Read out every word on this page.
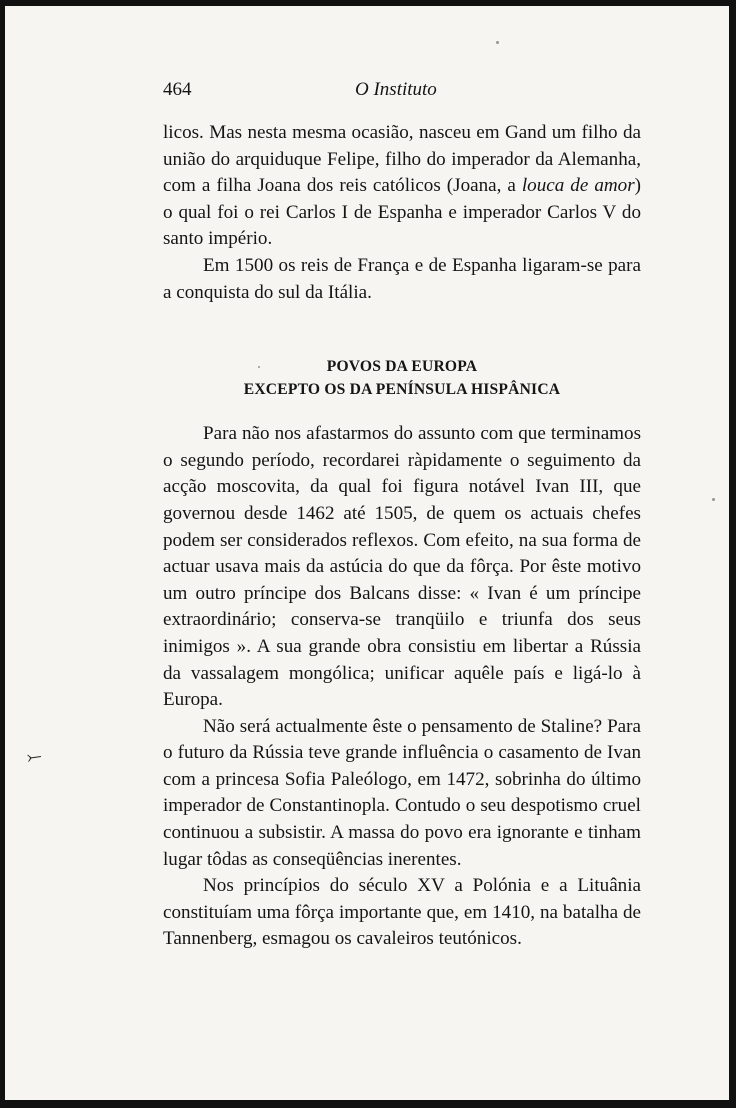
464	O Instituto

licos. Mas nesta mesma ocasião, nasceu em Gand um filho da união do arquiduque Felipe, filho do imperador da Alemanha, com a filha Joana dos reis católicos (Joana, a louca de amor) o qual foi o rei Carlos I de Espanha e imperador Carlos V do santo império.

Em 1500 os reis de França e de Espanha ligaram-se para a conquista do sul da Itália.

POVOS DA EUROPA
EXCEPTO OS DA PENÍNSULA HISPÂNICA

Para não nos afastarmos do assunto com que terminamos o segundo período, recordarei ràpidamente o seguimento da acção moscovita, da qual foi figura notável Ivan III, que governou desde 1462 até 1505, de quem os actuais chefes podem ser considerados reflexos. Com efeito, na sua forma de actuar usava mais da astúcia do que da fôrça. Por êste motivo um outro príncipe dos Balcans disse: « Ivan é um príncipe extraordinário; conserva-se tranqüilo e triunfa dos seus inimigos ». A sua grande obra consistiu em libertar a Rússia da vassalagem mongólica; unificar aquêle país e ligá-lo à Europa.

Não será actualmente êste o pensamento de Staline? Para o futuro da Rússia teve grande influência o casamento de Ivan com a princesa Sofia Paleólogo, em 1472, sobrinha do último imperador de Constantinopla. Contudo o seu despotismo cruel continuou a subsistir. A massa do povo era ignorante e tinham lugar tôdas as conseqüências inerentes.

Nos princípios do século XV a Polónia e a Lituânia constituíam uma fôrça importante que, em 1410, na batalha de Tannenberg, esmagou os cavaleiros teutónicos.

⤚
